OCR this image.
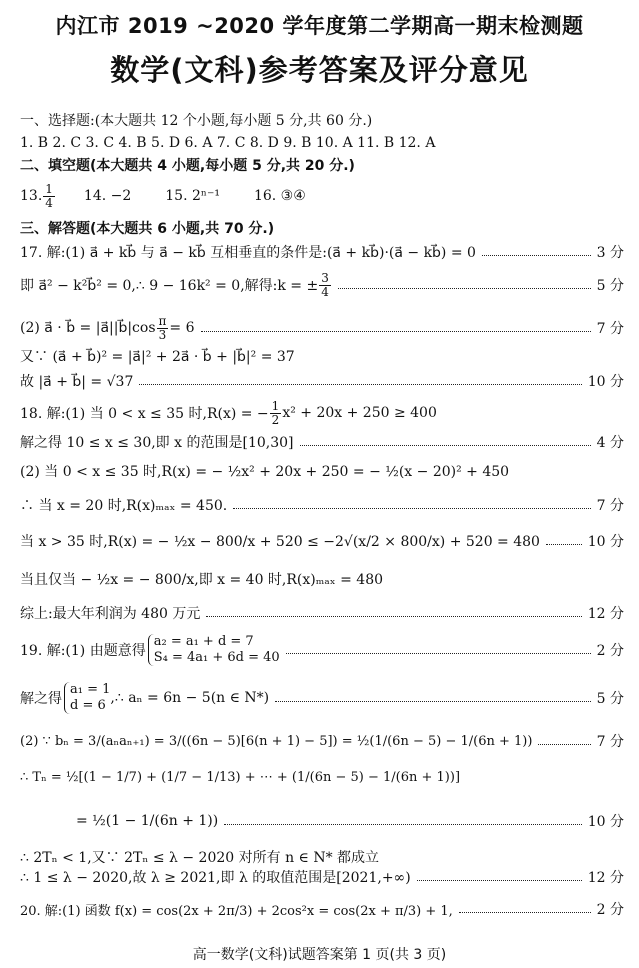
内江市 2019 ~2020 学年度第二学期高一期末检测题
数学(文科)参考答案及评分意见
一、选择题:(本大题共 12 个小题,每小题 5 分,共 60 分.)
1. B 2. C 3. C 4. B 5. D 6. A 7. C 8. D 9. B 10. A 11. B 12. A
二、填空题(本大题共 4 小题,每小题 5 分,共 20 分.)
13. $\frac{1}{4} 14$. −2 15. 2ⁿ⁻¹ 16. ③④
三、解答题(本大题共 6 小题,共 70 分.)
17. 解:(1) a⃗ + kb⃗ 与 a⃗ − kb⃗ 互相垂直的条件是:(a⃗ + kb⃗)·(a⃗ − kb⃗) = 0	3 分
即 a⃗² − k²b⃗² = 0,∴ 9 − 16k² = 0,解得:k = ± $\frac{3}{4}$	5 分
(2) a⃗ · b⃗ = |a⃗||b⃗|cos $\frac{\pi}{3} = 6$	7 分
又∵ (a⃗ + b⃗)² = |a⃗|² + 2a⃗ · b⃗ + |b⃗|² = 37
故 |a⃗ + b⃗| = √37	10 分
18. 解:(1) 当 0 < x ≤ 35 时,R(x) = − $\frac{1}{2} x^2 + 20x + 250 \ge 400$
解之得 10 ≤ x ≤ 30,即 x 的范围是[10,30]	4 分
(2) 当 0 < x ≤ 35 时,R(x) = − ½x² + 20x + 250 = − ½(x − 20)² + 450
∴ 当 x = 20 时,R(x)ₘₐₓ = 450.	7 分
当 x > 35 时,R(x) = − ½x − 800/x + 520 ≤ −2√(x/2 × 800/x) + 520 = 480	10 分
当且仅当 − ½x = − 800/x,即 x = 40 时,R(x)ₘₐₓ = 480
综上:最大年利润为 480 万元	12 分
19. 解:(1) 由题意得
a₂ = a₁ + d = 7
S₄ = 4a₁ + 6d = 40	2 分
解之得
a₁ = 1
d = 6 ,∴ aₙ = 6n − 5(n ∈ N*)	5 分
(2) ∵ bₙ = 3/(aₙaₙ₊₁) = 3/((6n − 5)[6(n + 1) − 5]) = ½(1/(6n − 5) − 1/(6n + 1))	7 分
∴ Tₙ = ½[(1 − 1/7) + (1/7 − 1/13) + ⋯ + (1/(6n − 5) − 1/(6n + 1))]
= ½(1 − 1/(6n + 1))	10 分
∴ 2Tₙ < 1,又∵ 2Tₙ ≤ λ − 2020 对所有 n ∈ N* 都成立
∴ 1 ≤ λ − 2020,故 λ ≥ 2021,即 λ 的取值范围是[2021,+∞)	12 分
20. 解:(1) 函数 f(x) = cos(2x + 2π/3) + 2cos²x = cos(2x + π/3) + 1,	2 分
高一数学(文科)试题答案第 1 页(共 3 页)
